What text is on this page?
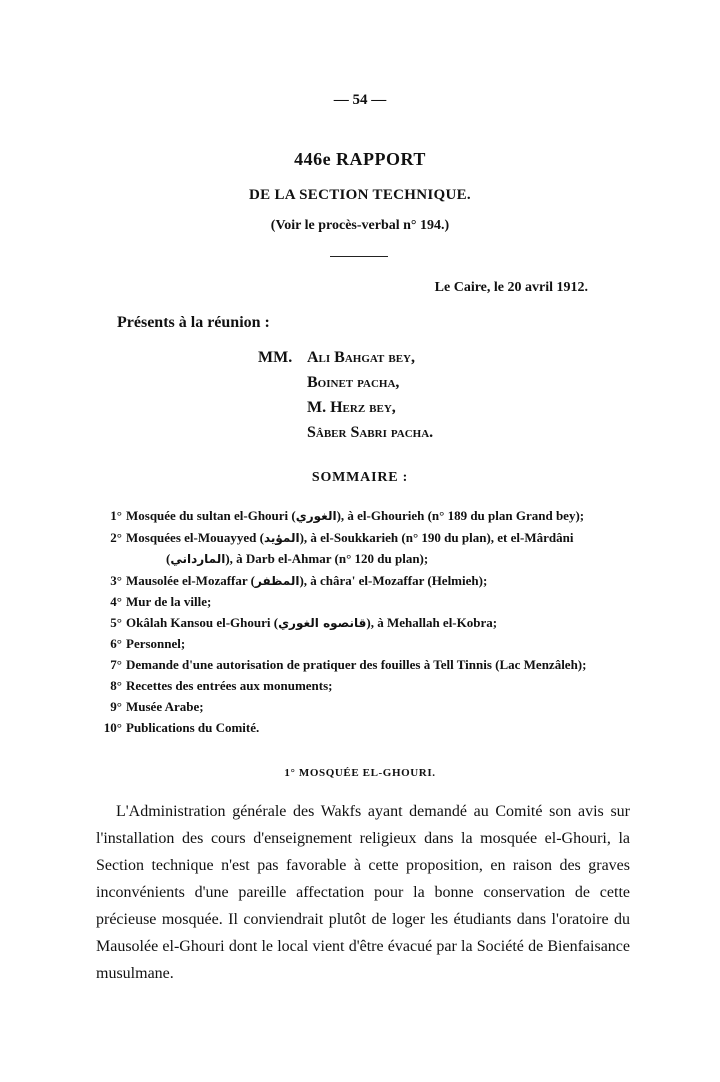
— 54 —
446e RAPPORT
DE LA SECTION TECHNIQUE.
(Voir le procès-verbal n° 194.)
Le Caire, le 20 avril 1912.
Présents à la réunion :
MM. Ali Bahgat bey,
Boinet pacha,
M. Herz bey,
Sâber Sabri pacha.
SOMMAIRE :
1° Mosquée du sultan el-Ghouri (الغوري), à el-Ghourieh (n° 189 du plan Grand bey);
2° Mosquées el-Mouayyed (المؤيد), à el-Soukkarieh (n° 190 du plan), et el-Mârdâni
(المارداني), à Darb el-Ahmar (n° 120 du plan);
3° Mausolée el-Mozaffar (المظفر), à châra' el-Mozaffar (Helmieh);
4° Mur de la ville;
5° Okâlah Kansou el-Ghouri (قانصوه الغوري), à Mehallah el-Kobra;
6° Personnel;
7° Demande d'une autorisation de pratiquer des fouilles à Tell Tinnis (Lac Menzâleh);
8° Recettes des entrées aux monuments;
9° Musée Arabe;
10° Publications du Comité.
1° MOSQUÉE EL-GHOURI.
L'Administration générale des Wakfs ayant demandé au Comité son avis sur l'installation des cours d'enseignement religieux dans la mosquée el-Ghouri, la Section technique n'est pas favorable à cette proposition, en raison des graves inconvénients d'une pareille affectation pour la bonne conservation de cette précieuse mosquée. Il conviendrait plutôt de loger les étudiants dans l'oratoire du Mausolée el-Ghouri dont le local vient d'être évacué par la Société de Bienfaisance musulmane.
